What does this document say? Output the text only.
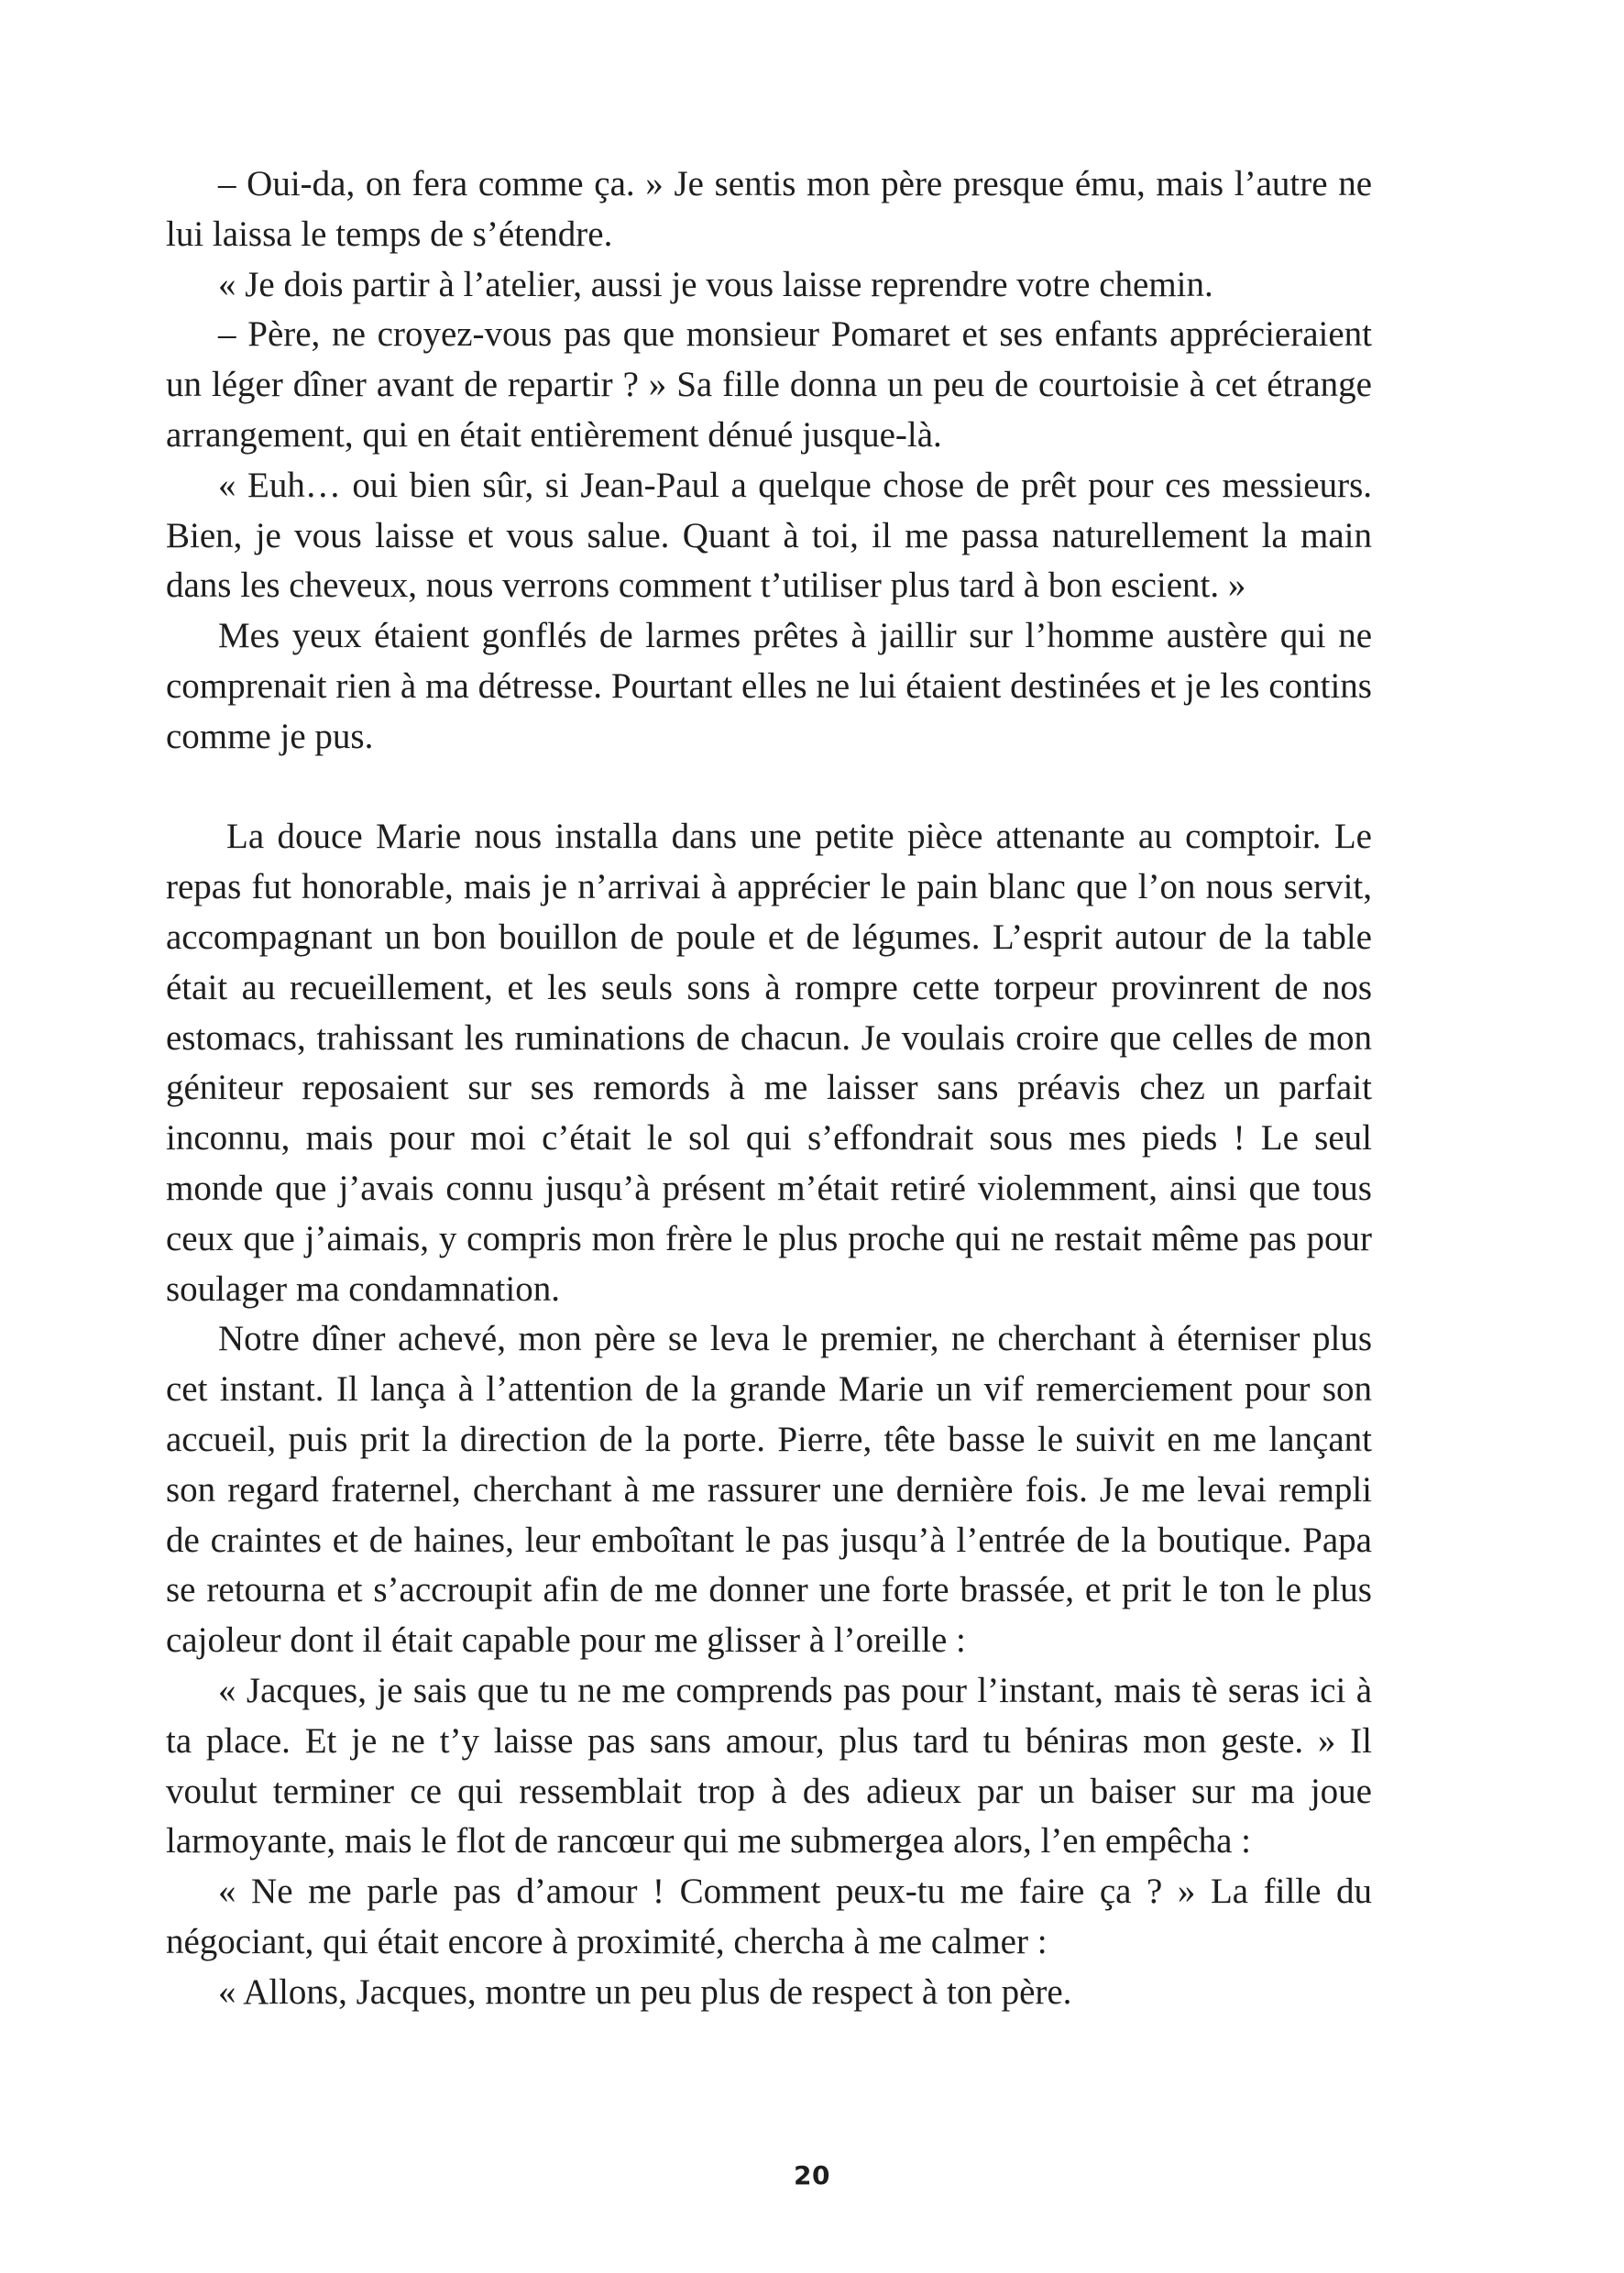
– Oui-da, on fera comme ça. » Je sentis mon père presque ému, mais l’autre ne lui laissa le temps de s’étendre.

« Je dois partir à l’atelier, aussi je vous laisse reprendre votre chemin.

– Père, ne croyez-vous pas que monsieur Pomaret et ses enfants apprécieraient un léger dîner avant de repartir ? » Sa fille donna un peu de courtoisie à cet étrange arrangement, qui en était entièrement dénué jusque-là.

« Euh… oui bien sûr, si Jean-Paul a quelque chose de prêt pour ces messieurs. Bien, je vous laisse et vous salue. Quant à toi, il me passa naturellement la main dans les cheveux, nous verrons comment t’utiliser plus tard à bon escient. »

Mes yeux étaient gonflés de larmes prêtes à jaillir sur l’homme austère qui ne comprenait rien à ma détresse. Pourtant elles ne lui étaient destinées et je les contins comme je pus.

La douce Marie nous installa dans une petite pièce attenante au comptoir. Le repas fut honorable, mais je n’arrivai à apprécier le pain blanc que l’on nous servit, accompagnant un bon bouillon de poule et de légumes. L’esprit autour de la table était au recueillement, et les seuls sons à rompre cette torpeur provinrent de nos estomacs, trahissant les ruminations de chacun. Je voulais croire que celles de mon géniteur reposaient sur ses remords à me laisser sans préavis chez un parfait inconnu, mais pour moi c’était le sol qui s’effondrait sous mes pieds ! Le seul monde que j’avais connu jusqu’à présent m’était retiré violemment, ainsi que tous ceux que j’aimais, y compris mon frère le plus proche qui ne restait même pas pour soulager ma condamnation.

Notre dîner achevé, mon père se leva le premier, ne cherchant à éterniser plus cet instant. Il lança à l’attention de la grande Marie un vif remerciement pour son accueil, puis prit la direction de la porte. Pierre, tête basse le suivit en me lançant son regard fraternel, cherchant à me rassurer une dernière fois. Je me levai rempli de craintes et de haines, leur emboîtant le pas jusqu’à l’entrée de la boutique. Papa se retourna et s’accroupit afin de me donner une forte brassée, et prit le ton le plus cajoleur dont il était capable pour me glisser à l’oreille :

« Jacques, je sais que tu ne me comprends pas pour l’instant, mais tè seras ici à ta place. Et je ne t’y laisse pas sans amour, plus tard tu béniras mon geste. » Il voulut terminer ce qui ressemblait trop à des adieux par un baiser sur ma joue larmoyante, mais le flot de rancœur qui me submergea alors, l’en empêcha :

« Ne me parle pas d’amour ! Comment peux-tu me faire ça ? » La fille du négociant, qui était encore à proximité, chercha à me calmer :

« Allons, Jacques, montre un peu plus de respect à ton père.

20
